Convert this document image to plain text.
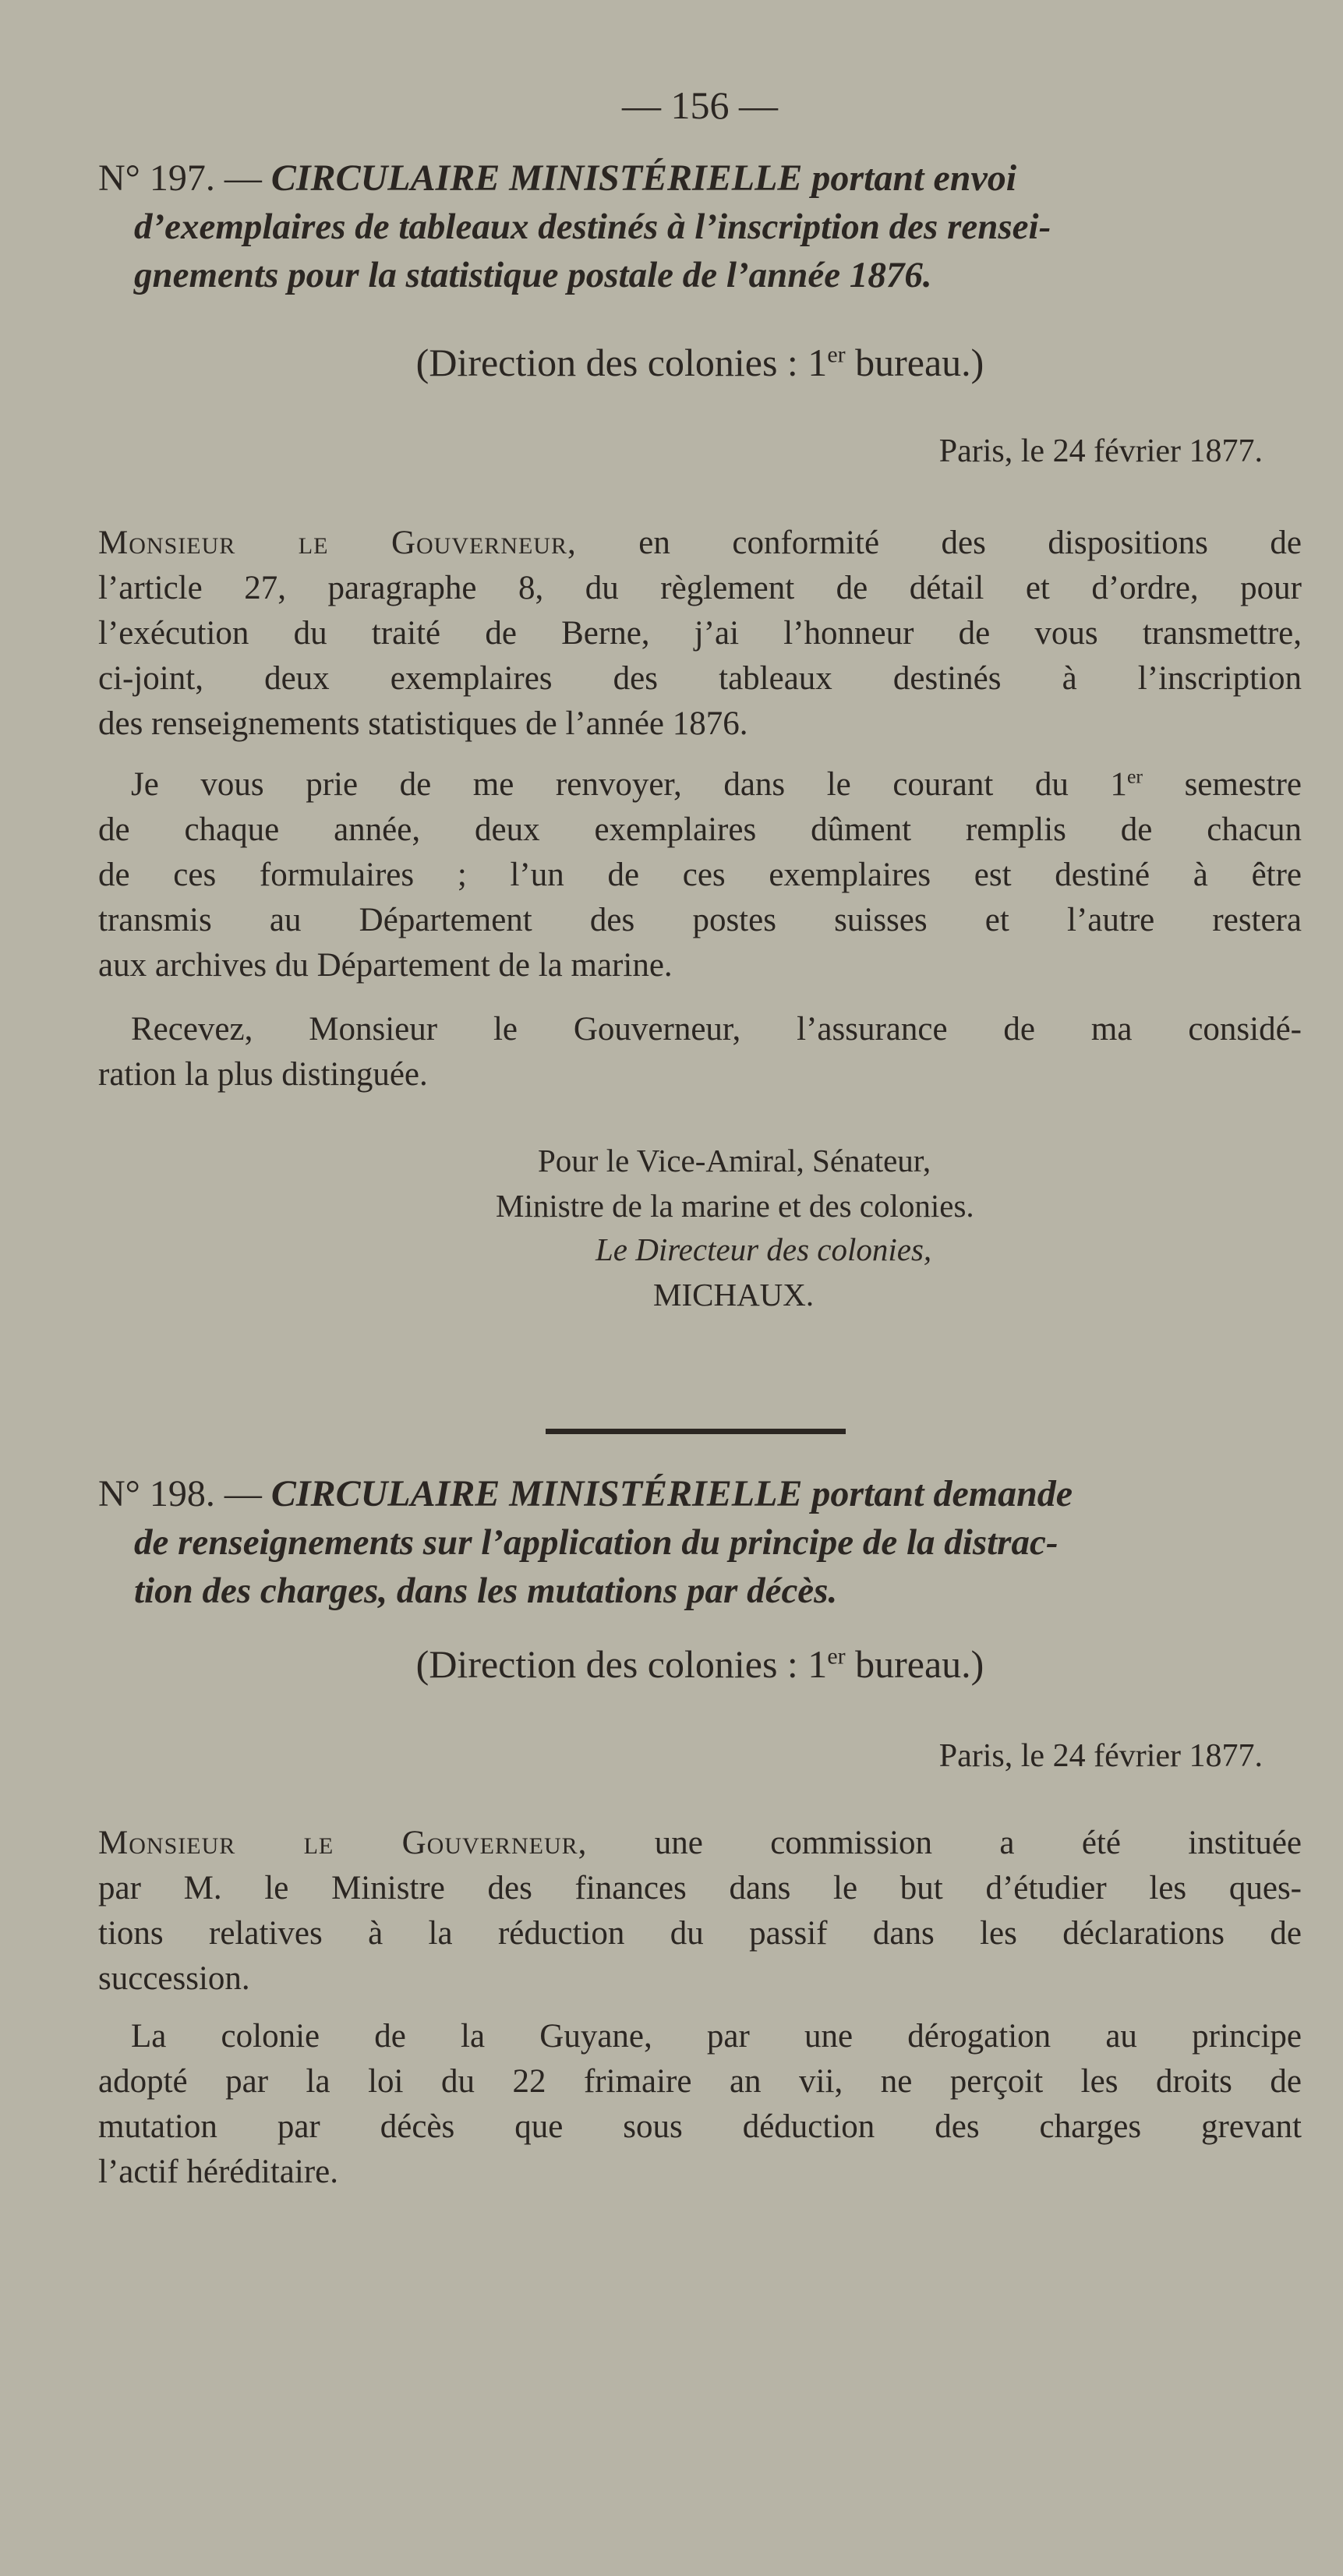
— 156 —
N° 197. — CIRCULAIRE MINISTÉRIELLE portant envoi
d’exemplaires de tableaux destinés à l’inscription des rensei-
gnements pour la statistique postale de l’année 1876.
(Direction des colonies : 1er bureau.)
Paris, le 24 février 1877.
Monsieur le Gouverneur, en conformité des dispositions de
l’article 27, paragraphe 8, du règlement de détail et d’ordre, pour
l’exécution du traité de Berne, j’ai l’honneur de vous transmettre,
ci-joint, deux exemplaires des tableaux destinés à l’inscription
des renseignements statistiques de l’année 1876.
Je vous prie de me renvoyer, dans le courant du 1er semestre
de chaque année, deux exemplaires dûment remplis de chacun
de ces formulaires ; l’un de ces exemplaires est destiné à être
transmis au Département des postes suisses et l’autre restera
aux archives du Département de la marine.
Recevez, Monsieur le Gouverneur, l’assurance de ma considé-
ration la plus distinguée.
Pour le Vice-Amiral, Sénateur,
Ministre de la marine et des colonies.
Le Directeur des colonies,
MICHAUX.
N° 198. — CIRCULAIRE MINISTÉRIELLE portant demande
de renseignements sur l’application du principe de la distrac-
tion des charges, dans les mutations par décès.
(Direction des colonies : 1er bureau.)
Paris, le 24 février 1877.
Monsieur le Gouverneur, une commission a été instituée
par M. le Ministre des finances dans le but d’étudier les ques-
tions relatives à la réduction du passif dans les déclarations de
succession.
La colonie de la Guyane, par une dérogation au principe
adopté par la loi du 22 frimaire an vii, ne perçoit les droits de
mutation par décès que sous déduction des charges grevant
l’actif héréditaire.
